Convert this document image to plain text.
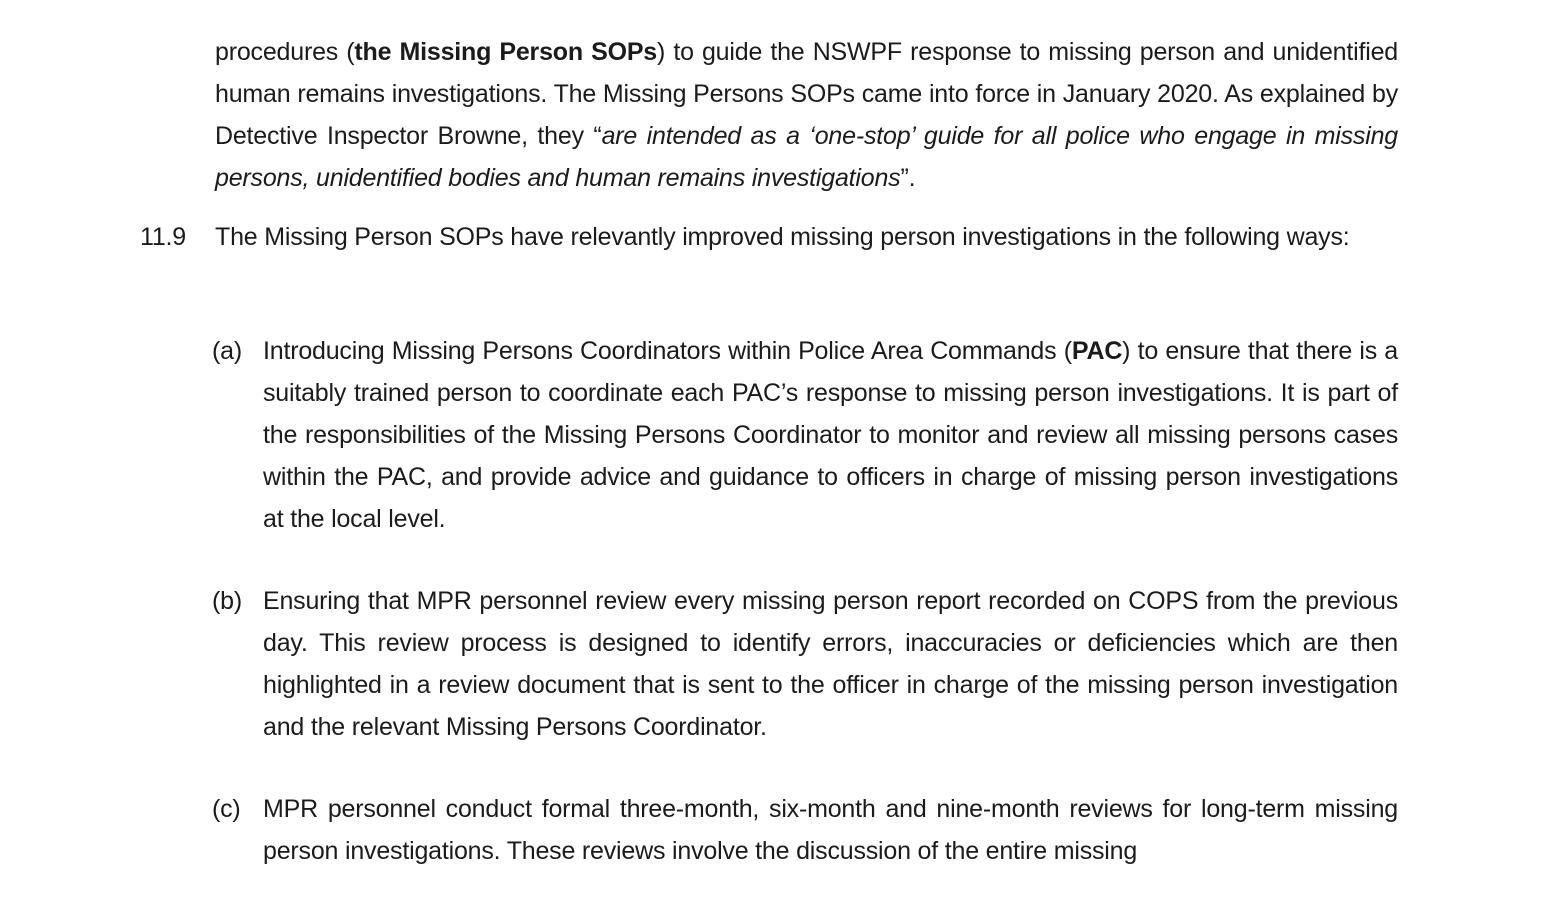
procedures (the Missing Person SOPs) to guide the NSWPF response to missing person and unidentified human remains investigations. The Missing Persons SOPs came into force in January 2020. As explained by Detective Inspector Browne, they “are intended as a ‘one-stop’ guide for all police who engage in missing persons, unidentified bodies and human remains investigations”.

11.9	The Missing Person SOPs have relevantly improved missing person investigations in the following ways:

(a) Introducing Missing Persons Coordinators within Police Area Commands (PAC) to ensure that there is a suitably trained person to coordinate each PAC’s response to missing person investigations. It is part of the responsibilities of the Missing Persons Coordinator to monitor and review all missing persons cases within the PAC, and provide advice and guidance to officers in charge of missing person investigations at the local level.

(b) Ensuring that MPR personnel review every missing person report recorded on COPS from the previous day. This review process is designed to identify errors, inaccuracies or deficiencies which are then highlighted in a review document that is sent to the officer in charge of the missing person investigation and the relevant Missing Persons Coordinator.

(c) MPR personnel conduct formal three-month, six-month and nine-month reviews for long-term missing person investigations. These reviews involve the discussion of the entire missing
